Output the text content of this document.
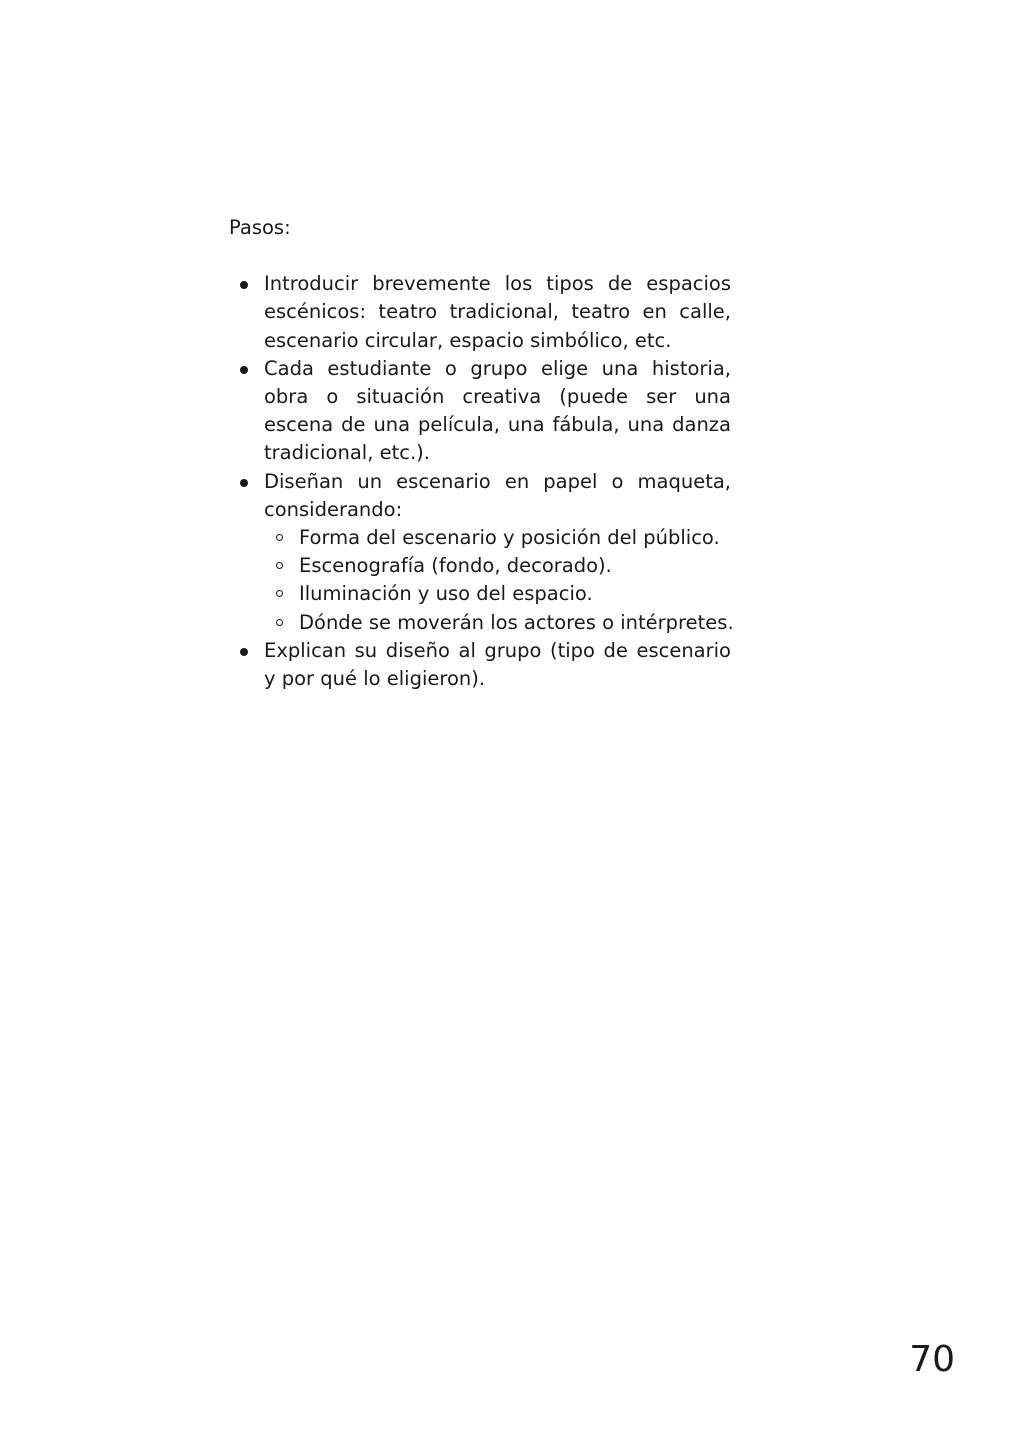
Pasos:

Introducir brevemente los tipos de espacios escénicos: teatro tradicional, teatro en calle, escenario circular, espacio simbólico, etc.
Cada estudiante o grupo elige una historia, obra o situación creativa (puede ser una escena de una película, una fábula, una danza tradicional, etc.).
Diseñan un escenario en papel o maqueta, considerando:
Forma del escenario y posición del público.
Escenografía (fondo, decorado).
Iluminación y uso del espacio.
Dónde se moverán los actores o intérpretes.
Explican su diseño al grupo (tipo de escenario y por qué lo eligieron).
70
